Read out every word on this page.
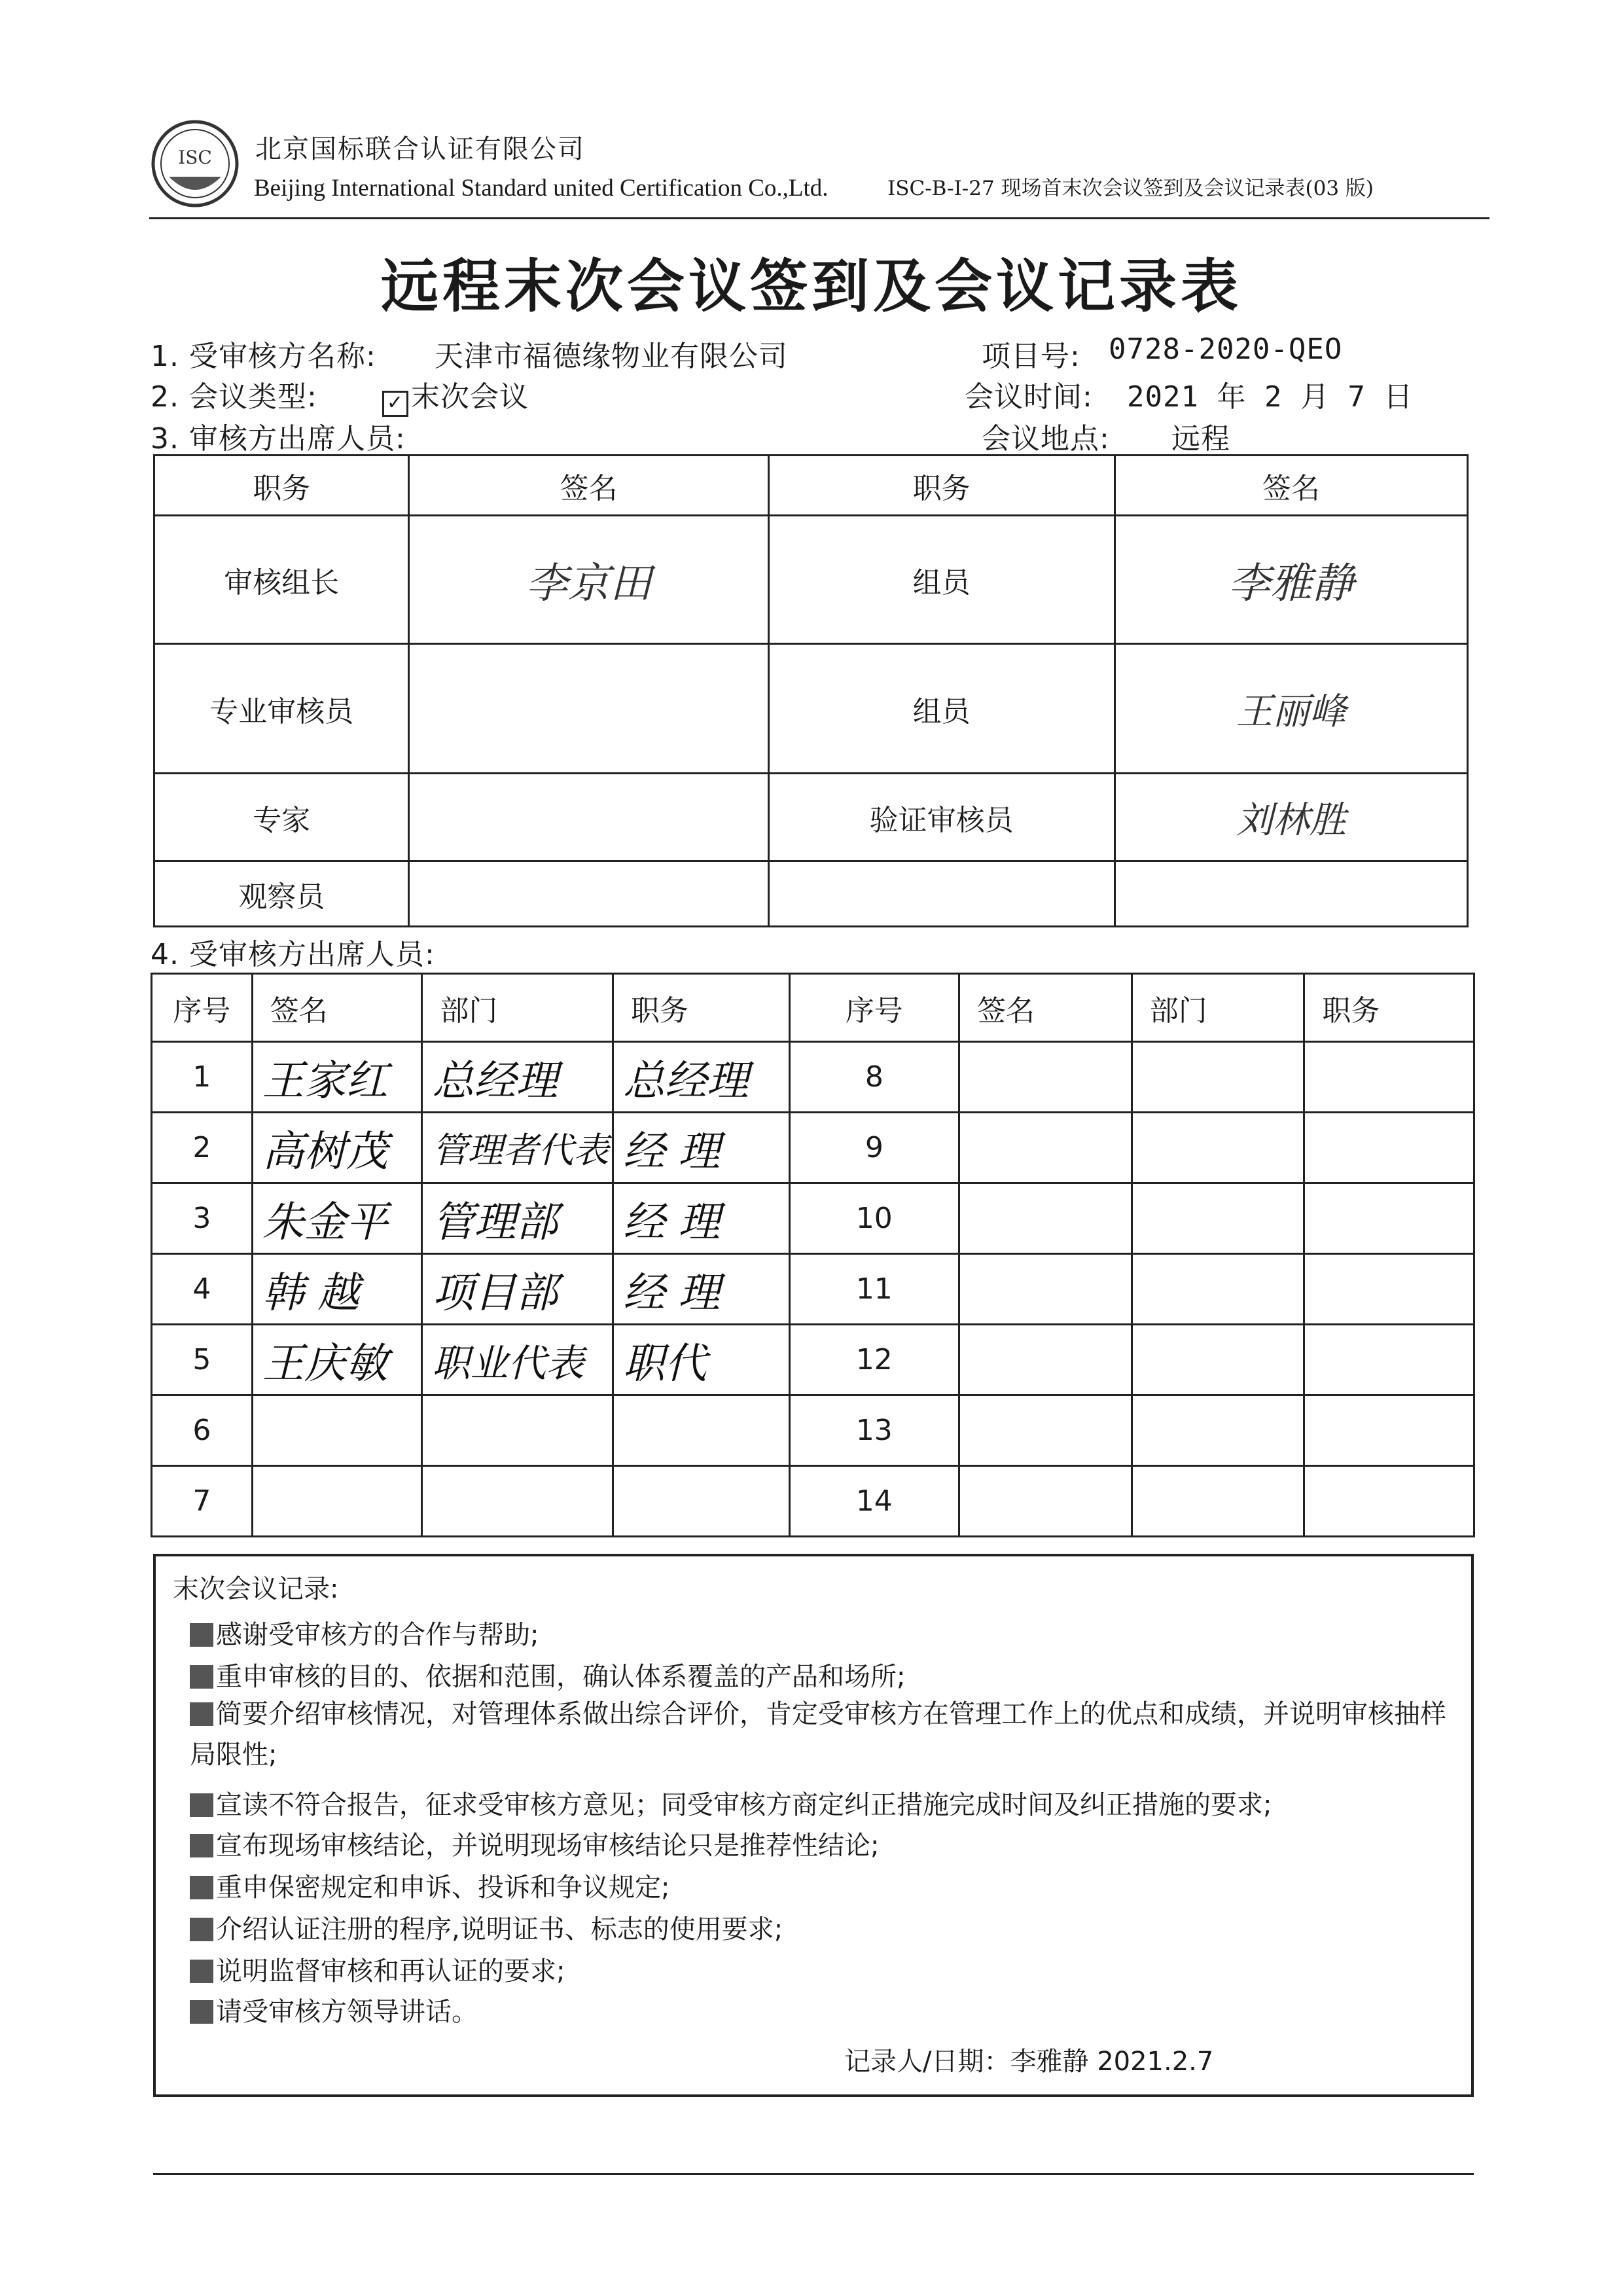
ISC 北京国标联合认证有限公司
Beijing International Standard united Certification Co.,Ltd.	ISC-B-I-27 现场首末次会议签到及会议记录表(03 版)
远程末次会议签到及会议记录表
1. 受审核方名称: 天津市福德缘物业有限公司	项目号: 0728-2020-QEO
2. 会议类型:	✓ 末次会议	会议时间: 2021 年 2 月 7 日
3. 审核方出席人员:	会议地点: 远程
职务	签名	职务	签名
审核组长	李京田	组员	李雅静
专业审核员		组员	王丽峰
专家		验证审核员	刘林胜
观察员			
4. 受审核方出席人员:
序号	签名	部门	职务	序号	签名	部门	职务

1	王家红	总经理	总经理	8			
2	高树茂	管理者代表	经 理	9			
3	朱金平	管理部	经 理	10			
4	韩 越	项目部	经 理	11			
5	王庆敏	职业代表	职代	12			
6				13			
7				14			
末次会议记录:
感谢受审核方的合作与帮助;
重申审核的目的、依据和范围，确认体系覆盖的产品和场所;
简要介绍审核情况，对管理体系做出综合评价，肯定受审核方在管理工作上的优点和成绩，并说明审核抽样局限性;
宣读不符合报告，征求受审核方意见；同受审核方商定纠正措施完成时间及纠正措施的要求;
宣布现场审核结论，并说明现场审核结论只是推荐性结论;
重申保密规定和申诉、投诉和争议规定;
介绍认证注册的程序,说明证书、标志的使用要求;
说明监督审核和再认证的要求;
请受审核方领导讲话。
记录人/日期：李雅静 2021.2.7
